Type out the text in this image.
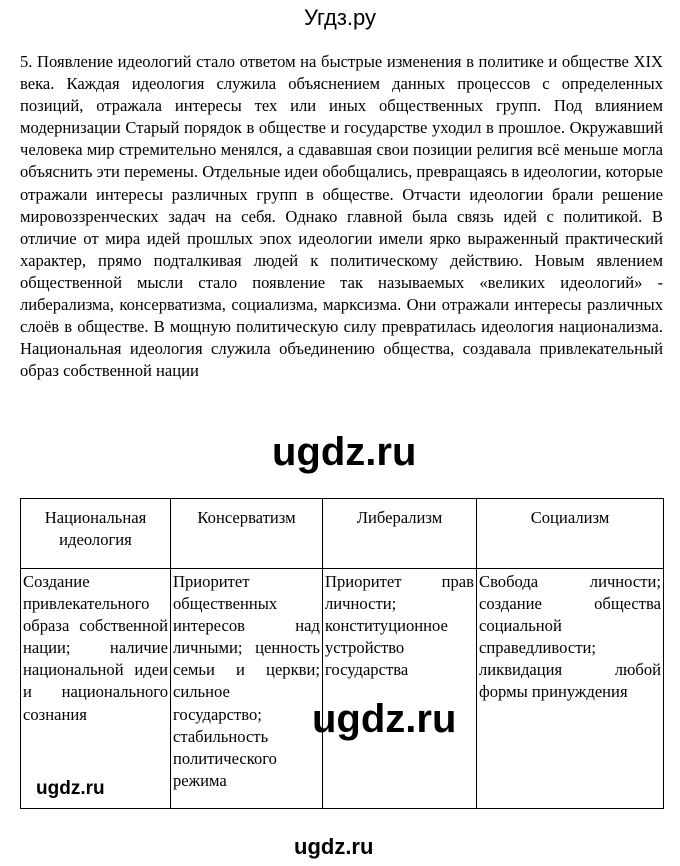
Угдз.ру

5. Появление идеологий стало ответом на быстрые изменения в политике и обществе XIX века. Каждая идеология служила объяснением данных процессов с определенных позиций, отражала интересы тех или иных общественных групп. Под влиянием модернизации Старый порядок в обществе и государстве уходил в прошлое. Окружавший человека мир стремительно менялся, а сдававшая свои позиции религия всё меньше могла объяснить эти перемены. Отдельные идеи обобщались, превращаясь в идеологии, которые отражали интересы различных групп в обществе. Отчасти идеологии брали решение мировоззренческих задач на себя. Однако главной была связь идей с политикой. В отличие от мира идей прошлых эпох идеологии имели ярко выраженный практический характер, прямо подталкивая людей к политическому действию. Новым явлением общественной мысли стало появление так называемых «великих идеологий» - либерализма, консерватизма, социализма, марксизма. Они отражали интересы различных слоёв в обществе. В мощную политическую силу превратилась идеология национализма. Национальная идеология служила объединению общества, создавала привлекательный образ собственной нации

ugdz.ru
Национальная идеология	Консерватизм	Либерализм	Социализм
Создание привлекательного образа собственной нации; наличие национальной идеи и национального сознания	Приоритет общественных интересов над личными; ценность семьи и церкви; сильное государство; стабильность политического режима	Приоритет прав личности; конституционное устройство государства	Свобода личности; создание общества социальной справедливости; ликвидация любой формы принуждения
ugdz.ru
ugdz.ru
ugdz.ru
